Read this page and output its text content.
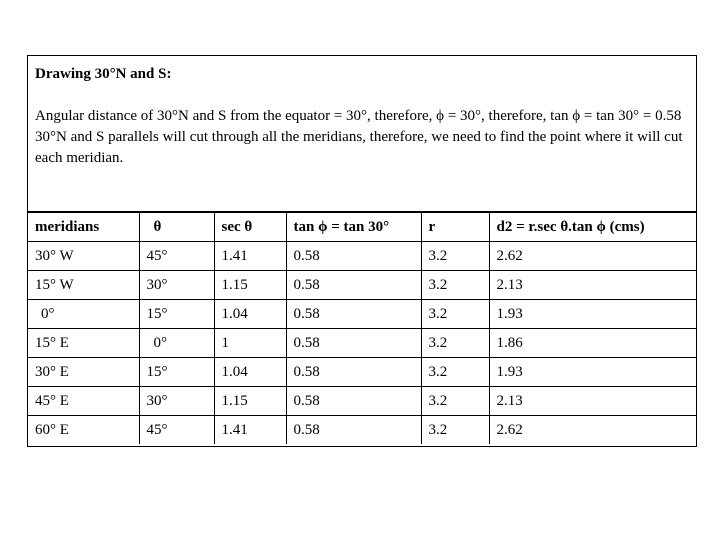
Drawing 30°N and S:

Angular distance of 30°N and S from the equator = 30°, therefore, ϕ = 30°, therefore, tan ϕ = tan 30° = 0.58

30°N and S parallels will cut through all the meridians, therefore, we need to find the point where it will cut each meridian.

meridians	θ	sec θ	tan ϕ = tan 30°	r	d2 = r.sec θ.tan ϕ (cms)
30° W	45°	1.41	0.58	3.2	2.62
15° W	30°	1.15	0.58	3.2	2.13
0°	15°	1.04	0.58	3.2	1.93
15° E	0°	1	0.58	3.2	1.86
30° E	15°	1.04	0.58	3.2	1.93
45° E	30°	1.15	0.58	3.2	2.13
60° E	45°	1.41	0.58	3.2	2.62
